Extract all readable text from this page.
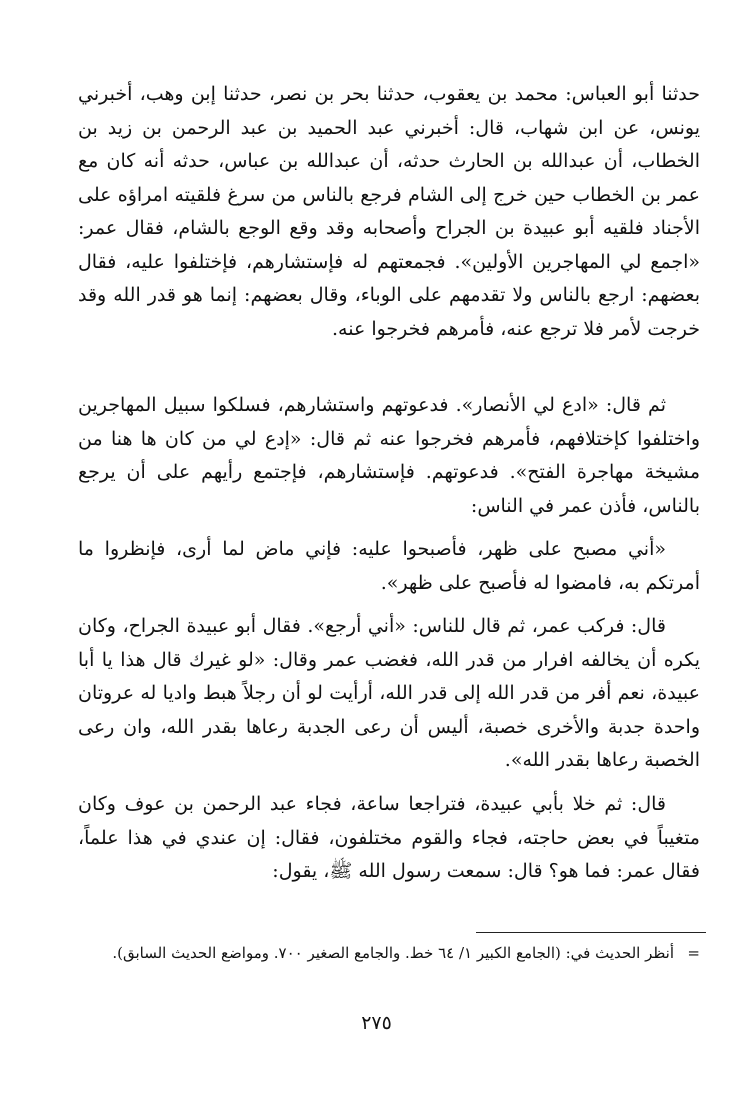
حدثنا أبو العباس: محمد بن يعقوب، حدثنا بحر بن نصر، حدثنا إبن وهب، أخبرني يونس، عن ابن شهاب، قال: أخبرني عبد الحميد بن عبد الرحمن بن زيد بن الخطاب، أن عبدالله بن الحارث حدثه، أن عبدالله بن عباس، حدثه أنه كان مع عمر بن الخطاب حين خرج إلى الشام فرجع بالناس من سرغ فلقيته امراؤه على الأجناد فلقيه أبو عبيدة بن الجراح وأصحابه وقد وقع الوجع بالشام، فقال عمر: «اجمع لي المهاجرين الأولين». فجمعتهم له فإستشارهم، فإختلفوا عليه، فقال بعضهم: ارجع بالناس ولا تقدمهم على الوباء، وقال بعضهم: إنما هو قدر الله وقد خرجت لأمر فلا ترجع عنه، فأمرهم فخرجوا عنه.

ثم قال: «ادع لي الأنصار». فدعوتهم واستشارهم، فسلكوا سبيل المهاجرين واختلفوا كإختلافهم، فأمرهم فخرجوا عنه ثم قال: «إدع لي من كان ها هنا من مشيخة مهاجرة الفتح». فدعوتهم. فإستشارهم، فإجتمع رأيهم على أن يرجع بالناس، فأذن عمر في الناس:

«أني مصبح على ظهر، فأصبحوا عليه: فإني ماض لما أرى، فإنظروا ما أمرتكم به، فامضوا له فأصبح على ظهر».

قال: فركب عمر، ثم قال للناس: «أني أرجع». فقال أبو عبيدة الجراح، وكان يكره أن يخالفه افرار من قدر الله، فغضب عمر وقال: «لو غيرك قال هذا يا أبا عبيدة، نعم أفر من قدر الله إلى قدر الله، أرأيت لو أن رجلاً هبط واديا له عروتان واحدة جدبة والأخرى خصبة، أليس أن رعى الجدبة رعاها بقدر الله، وان رعى الخصبة رعاها بقدر الله».

قال: ثم خلا بأبي عبيدة، فتراجعا ساعة، فجاء عبد الرحمن بن عوف وكان متغيباً في بعض حاجته، فجاء والقوم مختلفون، فقال: إن عندي في هذا علماً، فقال عمر: فما هو؟ قال: سمعت رسول الله ﷺ، يقول:

=
أنظر الحديث في: (الجامع الكبير ١/ ٦٤ خط. والجامع الصغير ٧٠٠. ومواضع الحديث السابق).
٢٧٥
